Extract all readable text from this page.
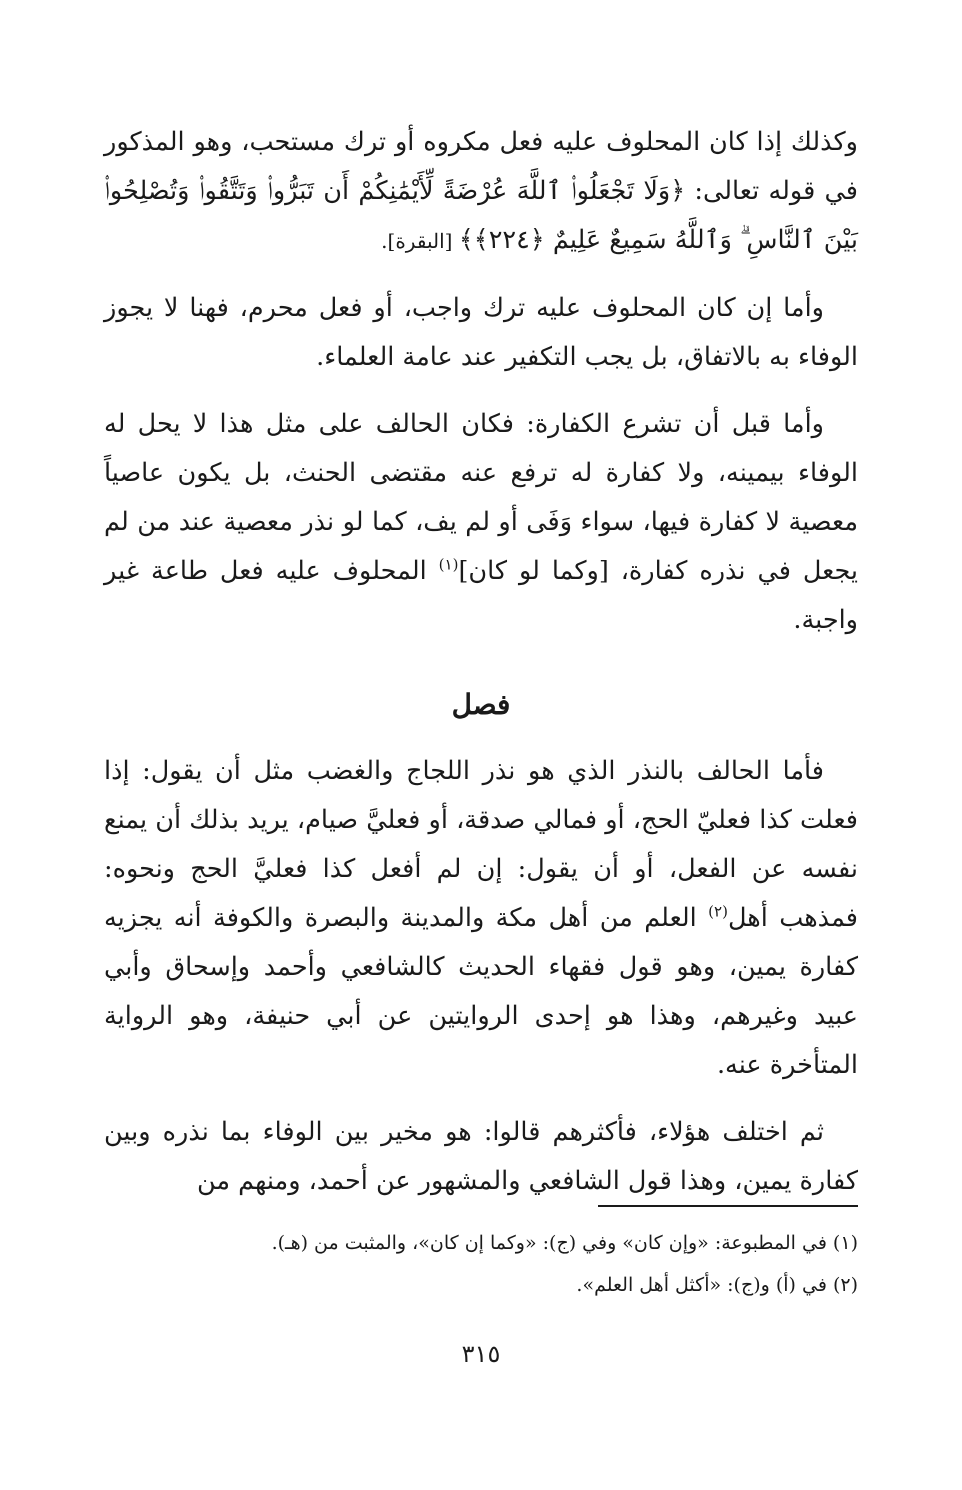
وكذلك إذا كان المحلوف عليه فعل مكروه أو ترك مستحب، وهو المذكور في قوله تعالى: ﴿وَلَا تَجْعَلُوا۟ ٱللَّهَ عُرْضَةً لِّأَيْمَٰنِكُمْ أَن تَبَرُّوا۟ وَتَتَّقُوا۟ وَتُصْلِحُوا۟ بَيْنَ ٱلنَّاسِ ۗ وَٱللَّهُ سَمِيعٌ عَلِيمٌ ﴿٢٢٤﴾﴾ [البقرة].

وأما إن كان المحلوف عليه ترك واجب، أو فعل محرم، فهنا لا يجوز الوفاء به بالاتفاق، بل يجب التكفير عند عامة العلماء.

وأما قبل أن تشرع الكفارة: فكان الحالف على مثل هذا لا يحل له الوفاء بيمينه، ولا كفارة له ترفع عنه مقتضى الحنث، بل يكون عاصياً معصية لا كفارة فيها، سواء وَفَى أو لم يف، كما لو نذر معصية عند من لم يجعل في نذره كفارة، [وكما لو كان]$^{(١)}$ المحلوف عليه فعل طاعة غير واجبة.

فصل

فأما الحالف بالنذر الذي هو نذر اللجاج والغضب مثل أن يقول: إذا فعلت كذا فعليّ الحج، أو فمالي صدقة، أو فعليَّ صيام، يريد بذلك أن يمنع نفسه عن الفعل، أو أن يقول: إن لم أفعل كذا فعليَّ الحج ونحوه: فمذهب أهل$^{(٢)}$ العلم من أهل مكة والمدينة والبصرة والكوفة أنه يجزيه كفارة يمين، وهو قول فقهاء الحديث كالشافعي وأحمد وإسحاق وأبي عبيد وغيرهم، وهذا هو إحدى الروايتين عن أبي حنيفة، وهو الرواية المتأخرة عنه.

ثم اختلف هؤلاء، فأكثرهم قالوا: هو مخير بين الوفاء بما نذره وبين كفارة يمين، وهذا قول الشافعي والمشهور عن أحمد، ومنهم من

(١) في المطبوعة: «وإن كان» وفي (ج): «وكما إن كان»، والمثبت من (هـ).

(٢) في (أ) و(ج): «أكثل أهل العلم».

٣١٥
